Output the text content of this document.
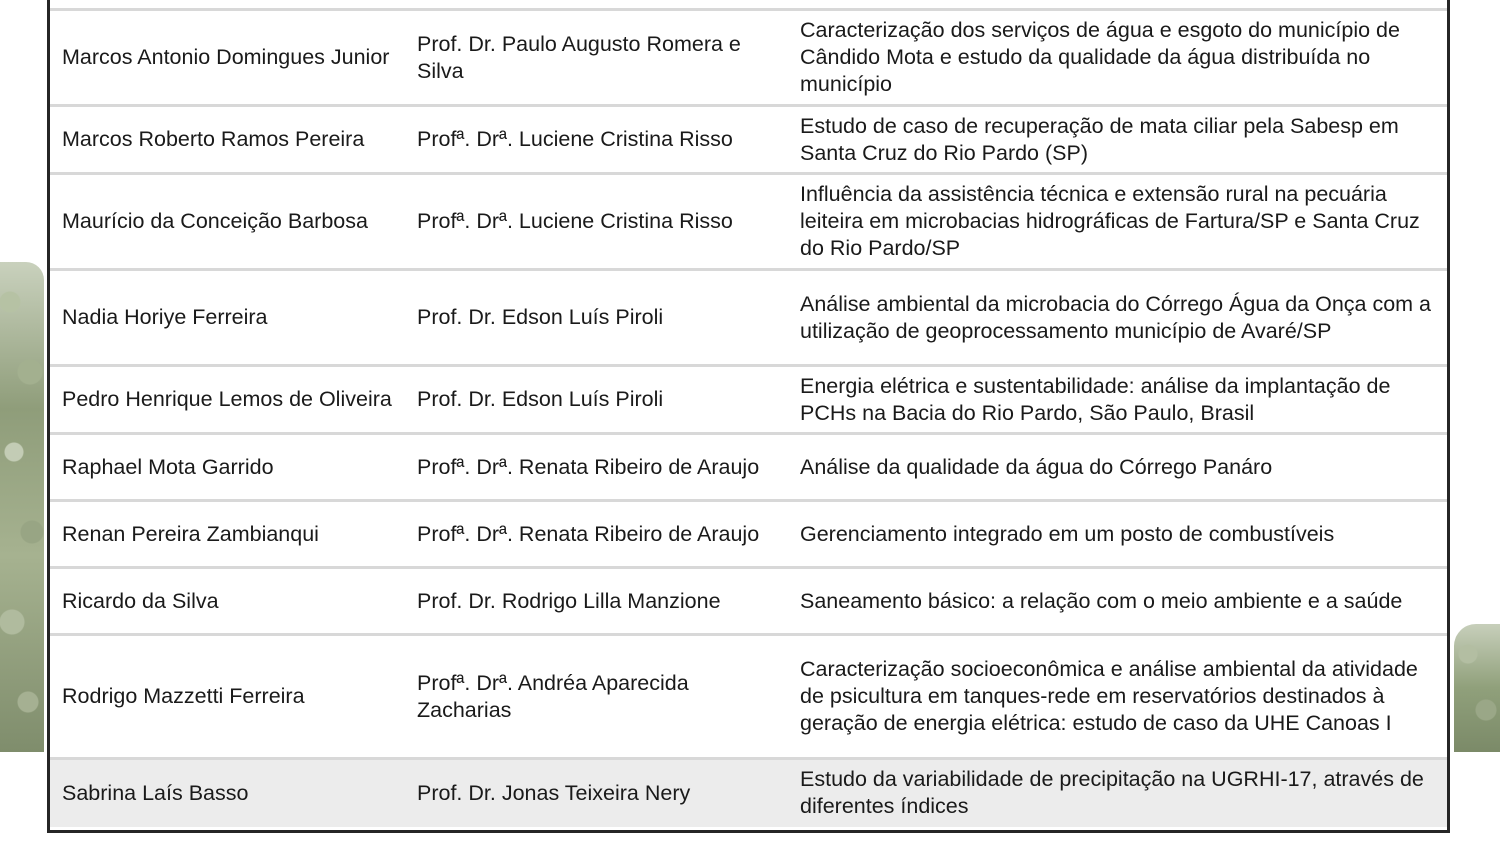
Marcos Antonio Domingues Junior	Prof. Dr. Paulo Augusto Romera e Silva	Caracterização dos serviços de água e esgoto do município de Cândido Mota e estudo da qualidade da água distribuída no município
Marcos Roberto Ramos Pereira	Profª. Drª. Luciene Cristina Risso	Estudo de caso de recuperação de mata ciliar pela Sabesp em Santa Cruz do Rio Pardo (SP)
Maurício da Conceição Barbosa	Profª. Drª. Luciene Cristina Risso	Influência da assistência técnica e extensão rural na pecuária leiteira em microbacias hidrográficas de Fartura/SP e Santa Cruz do Rio Pardo/SP
Nadia Horiye Ferreira	Prof. Dr. Edson Luís Piroli	Análise ambiental da microbacia do Córrego Água da Onça com a utilização de geoprocessamento município de Avaré/SP
Pedro Henrique Lemos de Oliveira	Prof. Dr. Edson Luís Piroli	Energia elétrica e sustentabilidade: análise da implantação de PCHs na Bacia do Rio Pardo, São Paulo, Brasil
Raphael Mota Garrido	Profª. Drª. Renata Ribeiro de Araujo	Análise da qualidade da água do Córrego Panáro
Renan Pereira Zambianqui	Profª. Drª. Renata Ribeiro de Araujo	Gerenciamento integrado em um posto de combustíveis
Ricardo da Silva	Prof. Dr. Rodrigo Lilla Manzione	Saneamento básico: a relação com o meio ambiente e a saúde
Rodrigo Mazzetti Ferreira	Profª. Drª. Andréa Aparecida Zacharias	Caracterização socioeconômica e análise ambiental da atividade de psicultura em tanques-rede em reservatórios destinados à geração de energia elétrica: estudo de caso da UHE Canoas I
Sabrina Laís Basso	Prof. Dr. Jonas Teixeira Nery	Estudo da variabilidade de precipitação na UGRHI-17, através de diferentes índices
